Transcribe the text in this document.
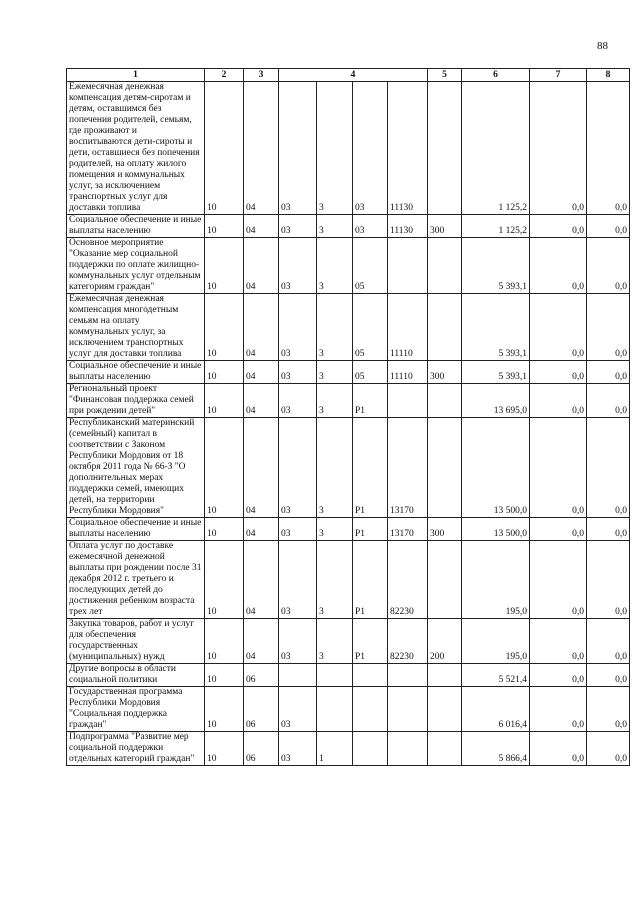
88
1	2	3	4				5	6	7	8
Ежемесячная денежная компенсация детям-сиротам и детям, оставшимся без попечения родителей, семьям, где проживают и воспитываются дети-сироты и дети, оставшиеся без попечения родителей, на оплату жилого помещения и коммунальных услуг, за исключением транспортных услуг для доставки топлива	10	04	03	3	03	11130		1 125,2	0,0	0,0
Социальное обеспечение и иные выплаты населению	10	04	03	3	03	11130	300	1 125,2	0,0	0,0
Основное мероприятие "Оказание мер социальной поддержки по оплате жилищно-коммунальных услуг отдельным категориям граждан"	10	04	03	3	05			5 393,1	0,0	0,0
Ежемесячная денежная компенсация многодетным семьям на оплату коммунальных услуг, за исключением транспортных услуг для доставки топлива	10	04	03	3	05	11110		5 393,1	0,0	0,0
Социальное обеспечение и иные выплаты населению	10	04	03	3	05	11110	300	5 393,1	0,0	0,0
Региональный проект "Финансовая поддержка семей при рождении детей"	10	04	03	3	P1			13 695,0	0,0	0,0
Республиканский материнский (семейный) капитал в соответствии с Законом Республики Мордовия от 18 октября 2011 года № 66-З "О дополнительных мерах поддержки семей, имеющих детей, на территории Республики Мордовия"	10	04	03	3	P1	13170		13 500,0	0,0	0,0
Социальное обеспечение и иные выплаты населению	10	04	03	3	P1	13170	300	13 500,0	0,0	0,0
Оплата услуг по доставке ежемесячной денежной выплаты при рождении после 31 декабря 2012 г. третьего и последующих детей до достижения ребенком возраста трех лет	10	04	03	3	P1	82230		195,0	0,0	0,0
Закупка товаров, работ и услуг для обеспечения государственных (муниципальных) нужд	10	04	03	3	P1	82230	200	195,0	0,0	0,0
Другие вопросы в области социальной политики	10	06						5 521,4	0,0	0,0
Государственная программа Республики Мордовия "Социальная поддержка граждан"	10	06	03					6 016,4	0,0	0,0
Подпрограмма "Развитие мер социальной поддержки отдельных категорий граждан"	10	06	03	1				5 866,4	0,0	0,0
